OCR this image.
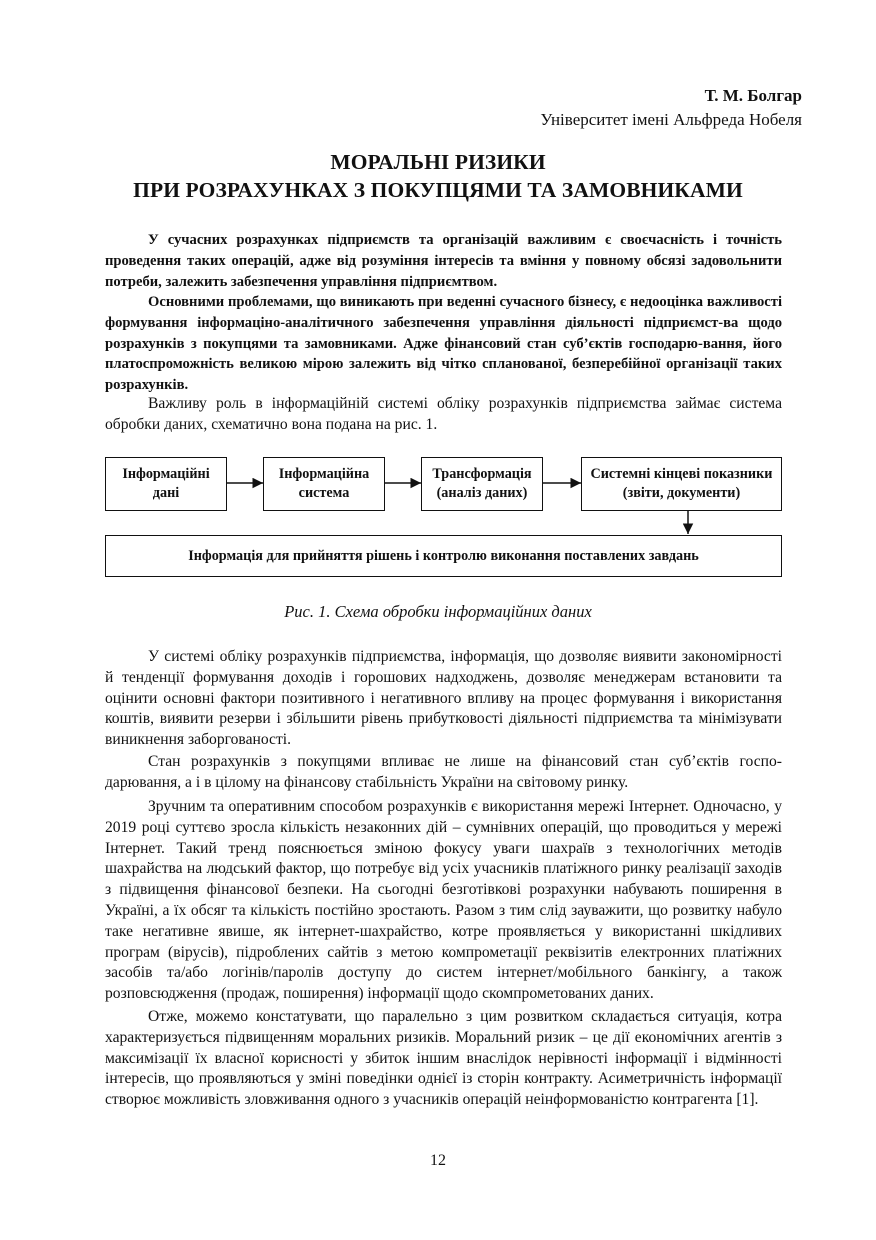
Т. М. Болгар
Університет імені Альфреда Нобеля
МОРАЛЬНІ РИЗИКИ
ПРИ РОЗРАХУНКАХ З ПОКУПЦЯМИ ТА ЗАМОВНИКАМИ

У сучасних розрахунках підприємств та організацій важливим є своєчасність і точність проведення таких операцій, адже від розуміння інтересів та вміння у повному обсязі задовольнити потреби, залежить забезпечення управління підприємтвом.

Основними проблемами, що виникають при веденні сучасного бізнесу, є недооцінка важливості формування інформаціно-аналітичного забезпечення управління діяльності підприємст-ва щодо розрахунків з покупцями та замовниками. Адже фінансовий стан суб’єктів господарю-вання, його платоспроможність великою мірою залежить від чітко спланованої, безперебійної організації таких розрахунків.

Важливу роль в інформаційній системі обліку розрахунків підприємства займає система обробки даних, схематично вона подана на рис. 1.

Інформаційні
дані
Інформаційна
система
Трансформація
(аналіз даних)
Системні кінцеві показники
(звіти, документи)
Інформація для прийняття рішень і контролю виконання поставлених завдань
Рис. 1. Схема обробки інформаційних даних

У системі обліку розрахунків підприємства, інформація, що дозволяє виявити закономірності й тенденції формування доходів і горошових надходжень, дозволяє менеджерам встановити та оцінити основні фактори позитивного і негативного впливу на процес формування і використання коштів, виявити резерви і збільшити рівень прибутковості діяльності підприємства та мінімізувати виникнення заборгованості.

Стан розрахунків з покупцями впливає не лише на фінансовий стан суб’єктів госпо-дарювання, а і в цілому на фінансову стабільність України на світовому ринку.

Зручним та оперативним способом розрахунків є використання мережі Інтернет. Одночасно, у 2019 році суттєво зросла кількість незаконних дій – сумнівних операцій, що проводиться у мережі Інтернет. Такий тренд пояснюється зміною фокусу уваги шахраїв з технологічних методів шахрайства на людський фактор, що потребує від усіх учасників платіжного ринку реалізації заходів з підвищення фінансової безпеки. На сьогодні безготівкові розрахунки набувають поширення в Україні, а їх обсяг та кількість постійно зростають. Разом з тим слід зауважити, що розвитку набуло таке негативне явише, як інтернет-шахрайство, котре проявляється у використанні шкідливих програм (вірусів), підроблених сайтів з метою компрометації реквізитів електронних платіжних засобів та/або логінів/паролів доступу до систем інтернет/мобільного банкінгу, а також розповсюдження (продаж, поширення) інформації щодо скомпрометованих даних.

Отже, можемо констатувати, що паралельно з цим розвитком складається ситуація, котра характеризується підвищенням моральних ризиків. Моральний ризик – це дії економічних агентів з максимізації їх власної корисності у збиток іншим внаслідок нерівності інформації і відмінності інтересів, що проявляються у зміні поведінки однієї із сторін контракту. Асиметричність інформації створює можливість зловживання одного з учасників операцій неінформованістю контрагента [1].

12
